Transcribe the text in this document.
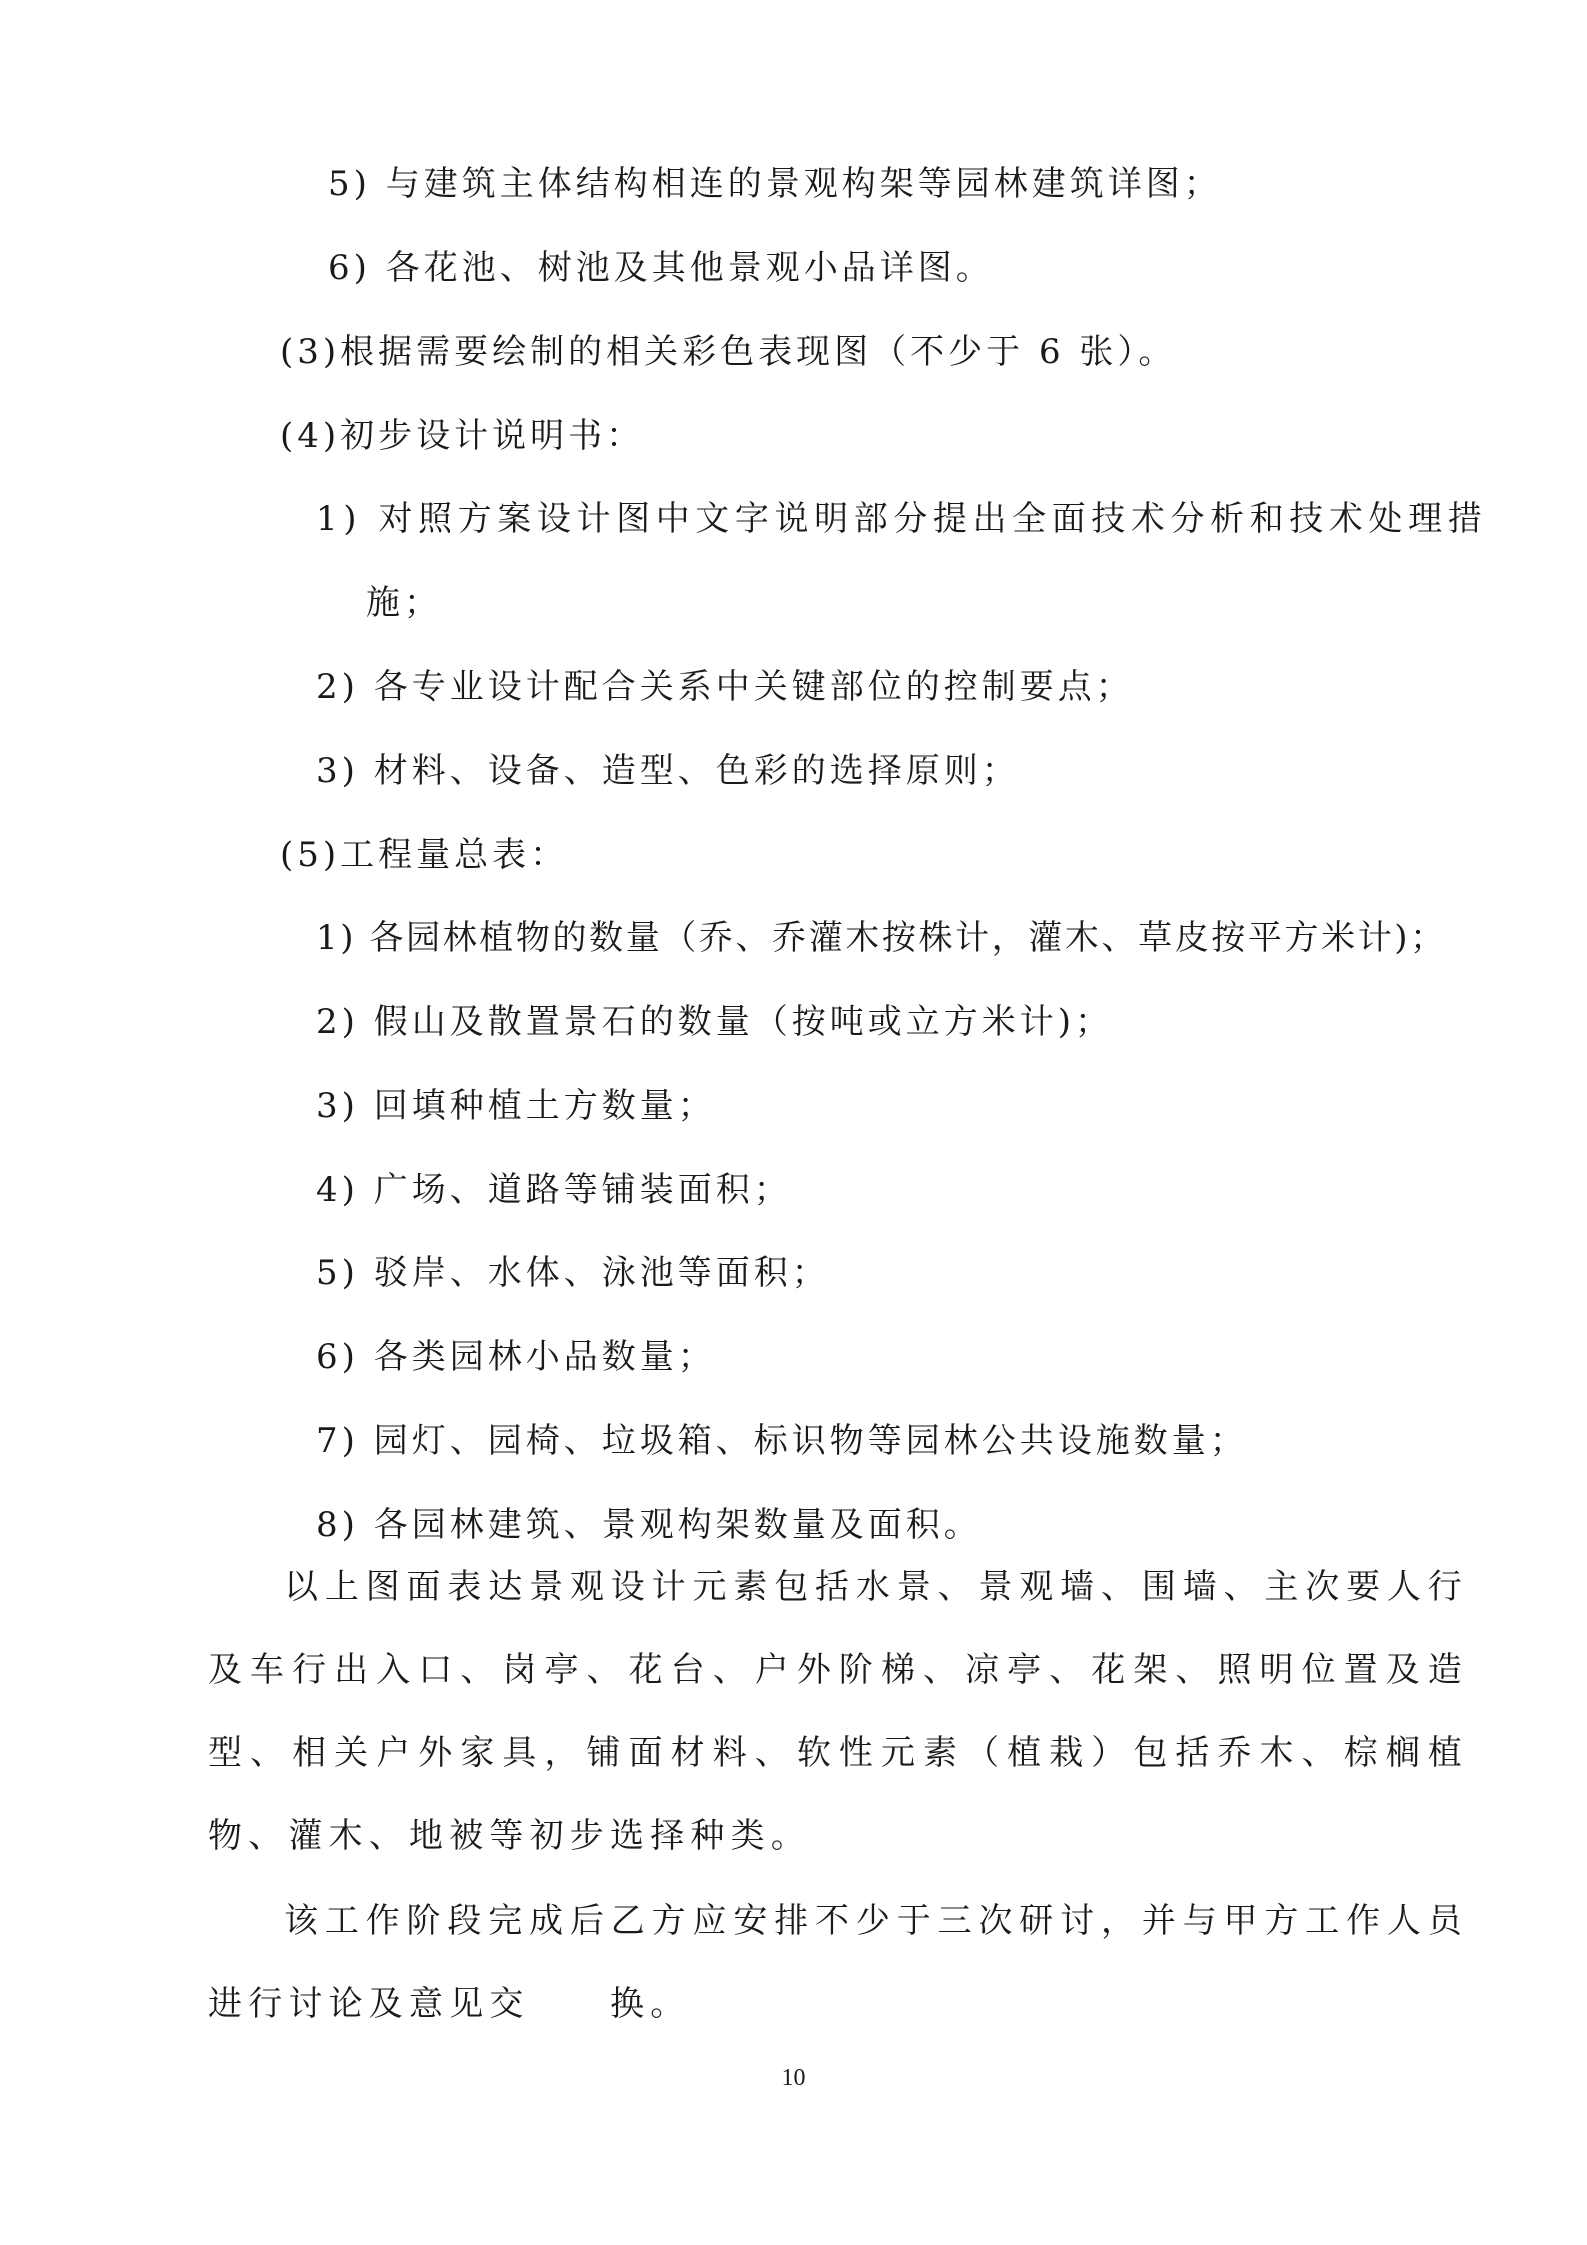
5) 与建筑主体结构相连的景观构架等园林建筑详图；
6) 各花池、树池及其他景观小品详图。
(3)根据需要绘制的相关彩色表现图（不少于 6 张）。
(4)初步设计说明书：
1) 对照方案设计图中文字说明部分提出全面技术分析和技术处理措
施；
2) 各专业设计配合关系中关键部位的控制要点；
3) 材料、设备、造型、色彩的选择原则；
(5)工程量总表：
1) 各园林植物的数量（乔、乔灌木按株计，灌木、草皮按平方米计)；
2) 假山及散置景石的数量（按吨或立方米计)；
3) 回填种植土方数量；
4) 广场、道路等铺装面积；
5) 驳岸、水体、泳池等面积；
6) 各类园林小品数量；
7) 园灯、园椅、垃圾箱、标识物等园林公共设施数量；
8) 各园林建筑、景观构架数量及面积。
以上图面表达景观设计元素包括水景、景观墙、围墙、主次要人行及车行出入口、岗亭、花台、户外阶梯、凉亭、花架、照明位置及造型、相关户外家具，铺面材料、软性元素（植栽）包括乔木、棕榈植物、灌木、地被等初步选择种类。
该工作阶段完成后乙方应安排不少于三次研讨，并与甲方工作人员进行讨论及意见交　　换。
10
